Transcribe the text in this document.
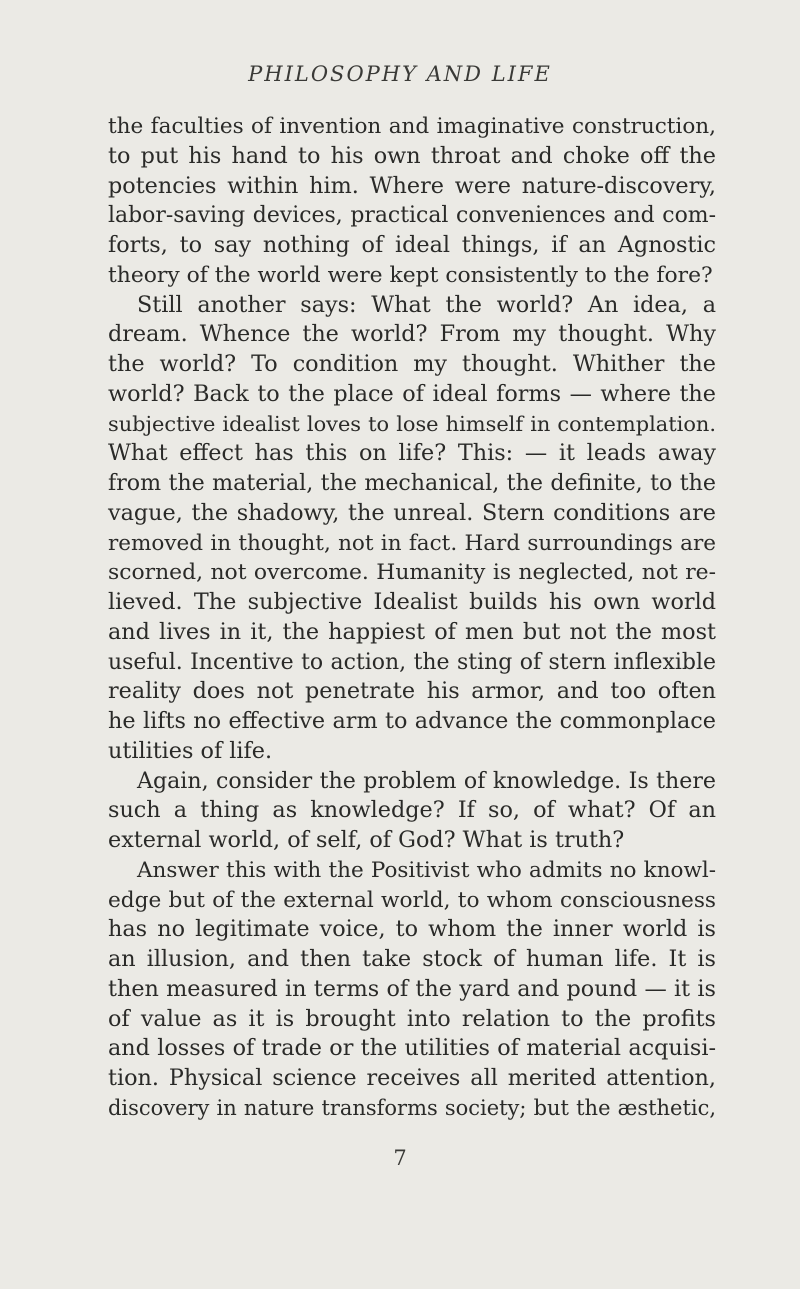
PHILOSOPHY AND LIFE
the faculties of invention and imaginative construction,
to put his hand to his own throat and choke off the
potencies within him. Where were nature-discovery,
labor-saving devices, practical conveniences and com-
forts, to say nothing of ideal things, if an Agnostic
theory of the world were kept consistently to the fore?
Still another says: What the world? An idea, a
dream. Whence the world? From my thought. Why
the world? To condition my thought. Whither the
world? Back to the place of ideal forms — where the
subjective idealist loves to lose himself in contemplation.
What effect has this on life? This: — it leads away
from the material, the mechanical, the definite, to the
vague, the shadowy, the unreal. Stern conditions are
removed in thought, not in fact. Hard surroundings are
scorned, not overcome. Humanity is neglected, not re-
lieved. The subjective Idealist builds his own world
and lives in it, the happiest of men but not the most
useful. Incentive to action, the sting of stern inflexible
reality does not penetrate his armor, and too often
he lifts no effective arm to advance the commonplace
utilities of life.
Again, consider the problem of knowledge. Is there
such a thing as knowledge? If so, of what? Of an
external world, of self, of God? What is truth?
Answer this with the Positivist who admits no knowl-
edge but of the external world, to whom consciousness
has no legitimate voice, to whom the inner world is
an illusion, and then take stock of human life. It is
then measured in terms of the yard and pound — it is
of value as it is brought into relation to the profits
and losses of trade or the utilities of material acquisi-
tion. Physical science receives all merited attention,
discovery in nature transforms society; but the æsthetic,
7
